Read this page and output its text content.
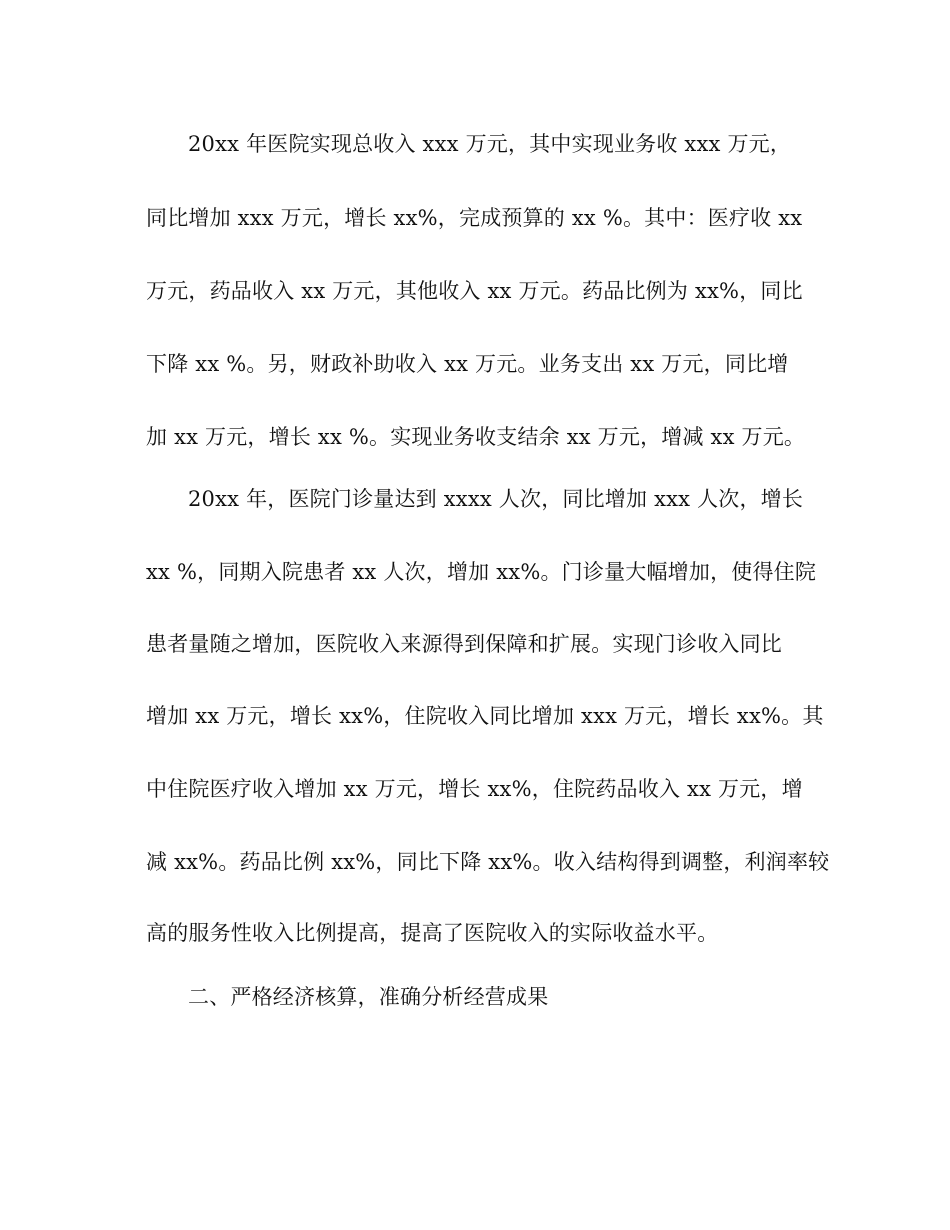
20xx 年医院实现总收入 xxx 万元，其中实现业务收 xxx 万元，
同比增加 xxx 万元，增长 xx%，完成预算的 xx %。其中：医疗收 xx
万元，药品收入 xx 万元，其他收入 xx 万元。药品比例为 xx%，同比
下降 xx %。另，财政补助收入 xx 万元。业务支出 xx 万元，同比增
加 xx 万元，增长 xx %。实现业务收支结余 xx 万元，增减 xx 万元。
20xx 年，医院门诊量达到 xxxx 人次，同比增加 xxx 人次，增长
xx %，同期入院患者 xx 人次，增加 xx%。门诊量大幅增加，使得住院
患者量随之增加，医院收入来源得到保障和扩展。实现门诊收入同比
增加 xx 万元，增长 xx%，住院收入同比增加 xxx 万元，增长 xx%。其
中住院医疗收入增加 xx 万元，增长 xx%，住院药品收入 xx 万元，增
减 xx%。药品比例 xx%，同比下降 xx%。收入结构得到调整，利润率较
高的服务性收入比例提高，提高了医院收入的实际收益水平。
二、严格经济核算，准确分析经营成果
